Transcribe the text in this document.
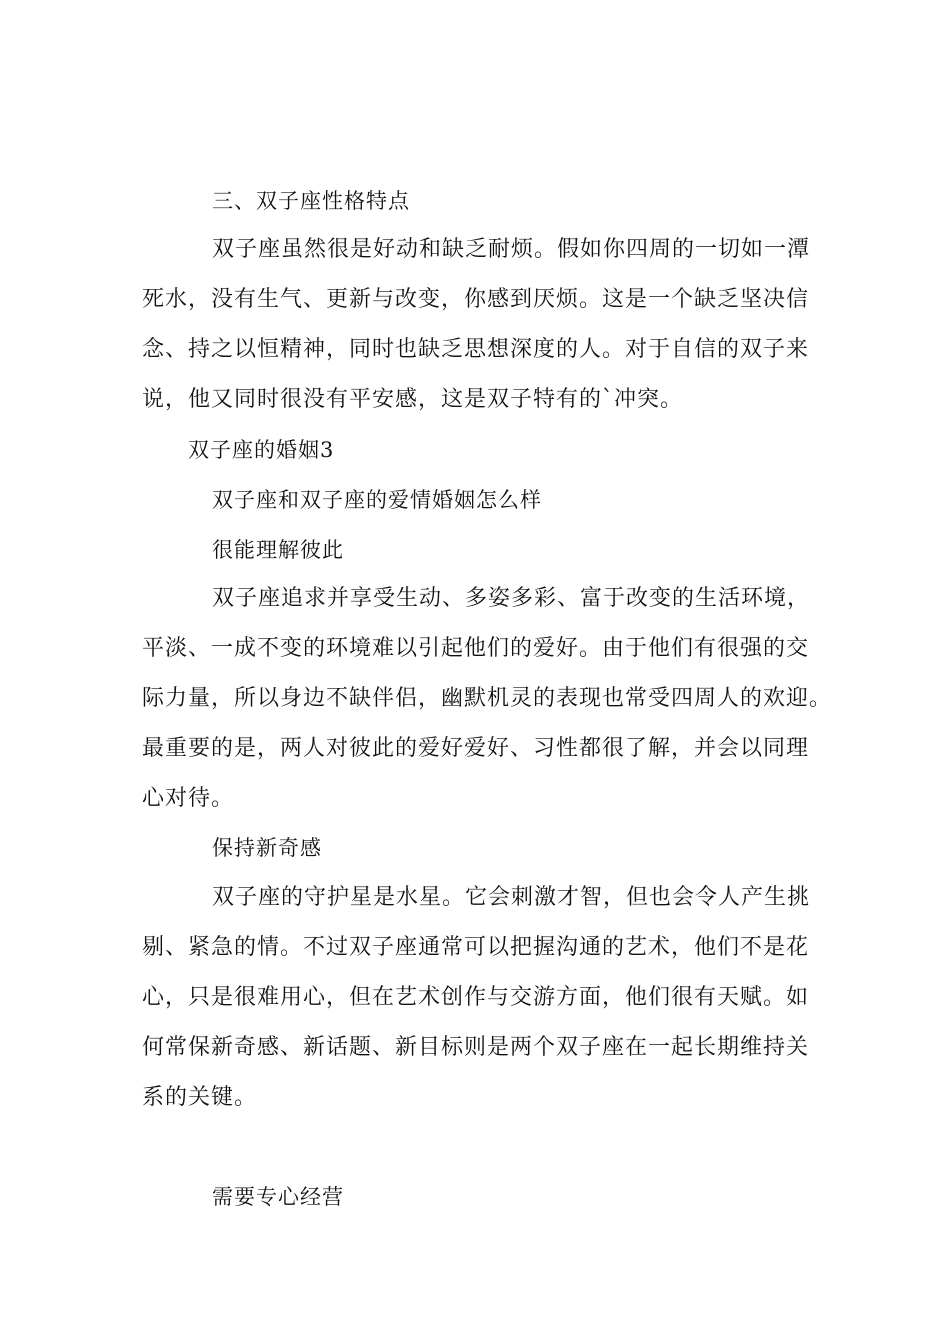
三、双子座性格特点
双子座虽然很是好动和缺乏耐烦。假如你四周的一切如一潭
死水，没有生气、更新与改变，你感到厌烦。这是一个缺乏坚决信
念、持之以恒精神，同时也缺乏思想深度的人。对于自信的双子来
说，他又同时很没有平安感，这是双子特有的`冲突。
双子座的婚姻3
双子座和双子座的爱情婚姻怎么样
很能理解彼此
双子座追求并享受生动、多姿多彩、富于改变的生活环境，
平淡、一成不变的环境难以引起他们的爱好。由于他们有很强的交
际力量，所以身边不缺伴侣，幽默机灵的表现也常受四周人的欢迎。
最重要的是，两人对彼此的爱好爱好、习性都很了解，并会以同理
心对待。
保持新奇感
双子座的守护星是水星。它会刺激才智，但也会令人产生挑
剔、紧急的情。不过双子座通常可以把握沟通的艺术，他们不是花
心，只是很难用心，但在艺术创作与交游方面，他们很有天赋。如
何常保新奇感、新话题、新目标则是两个双子座在一起长期维持关
系的关键。
需要专心经营
